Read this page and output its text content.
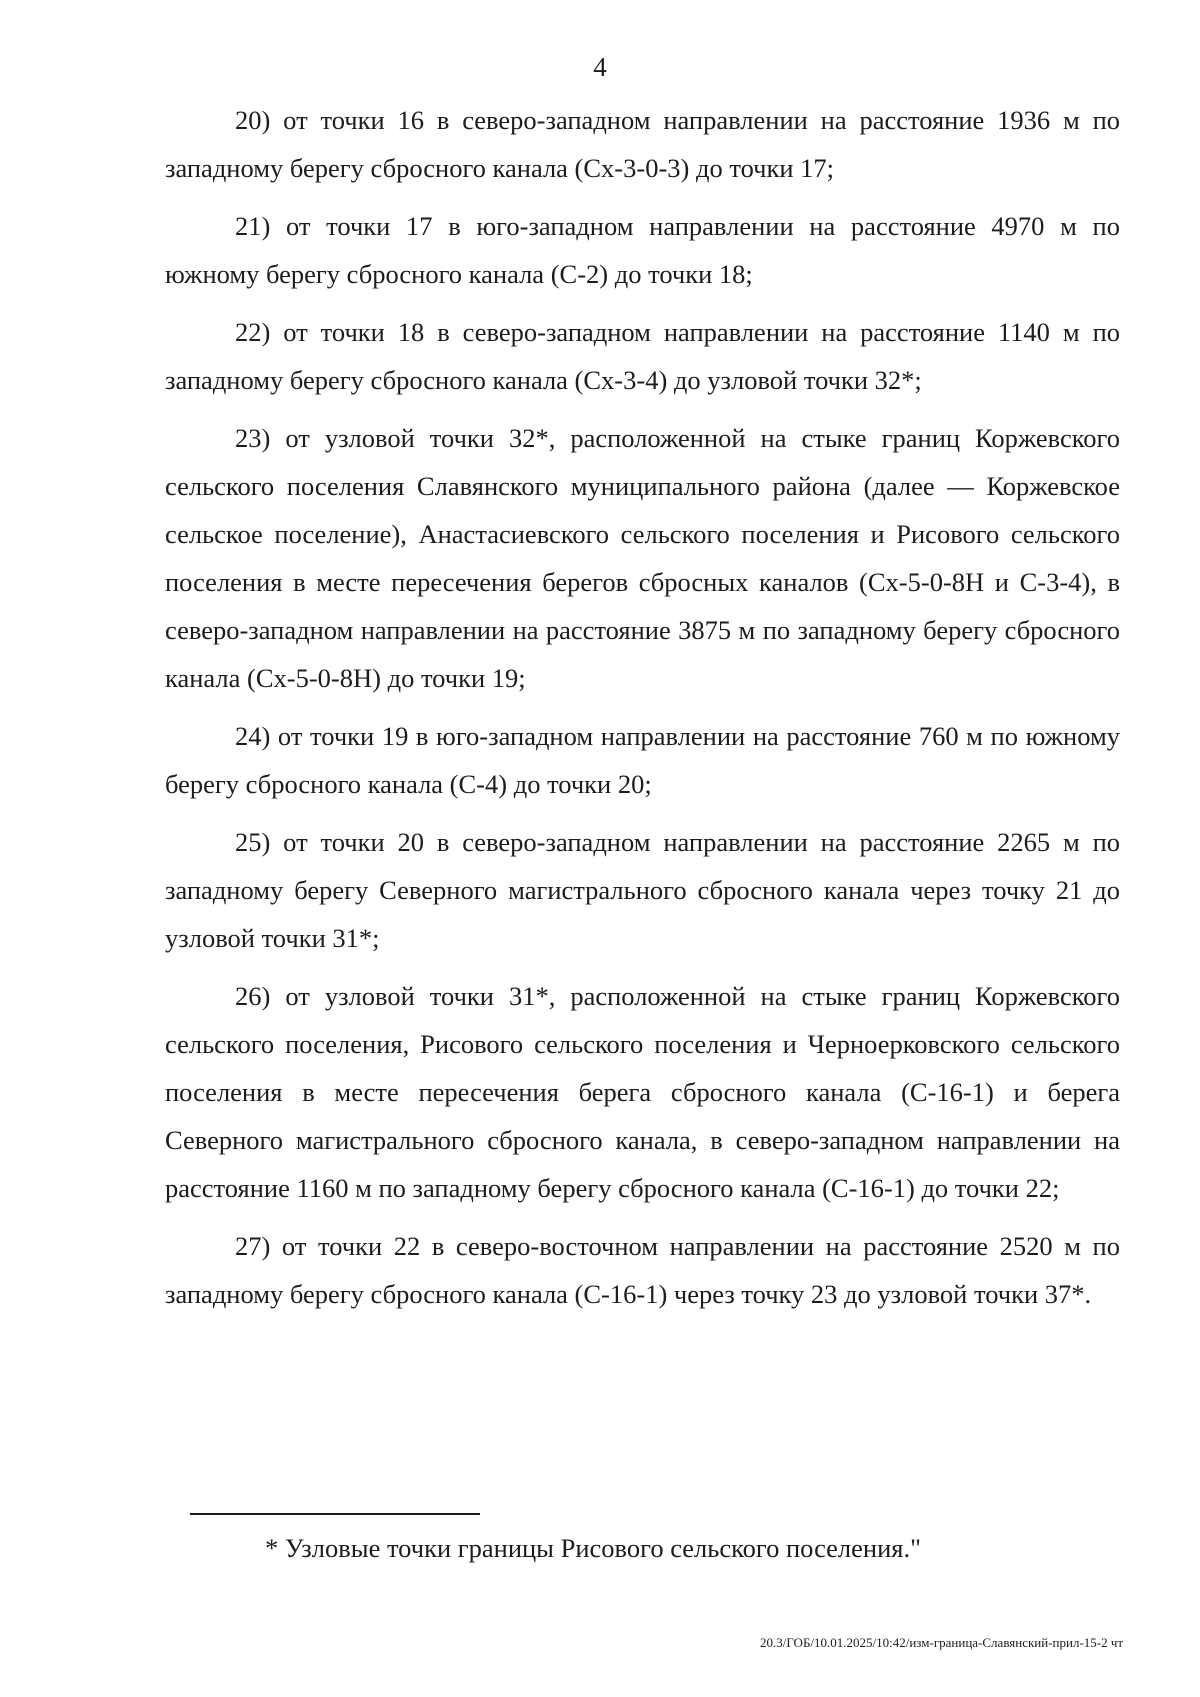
4

20) от точки 16 в северо-западном направлении на расстояние 1936 м по западному берегу сбросного канала (Сх-3-0-3) до точки 17;

21) от точки 17 в юго-западном направлении на расстояние 4970 м по южному берегу сбросного канала (С-2) до точки 18;

22) от точки 18 в северо-западном направлении на расстояние 1140 м по западному берегу сбросного канала (Сх-3-4) до узловой точки 32*;

23) от узловой точки 32*, расположенной на стыке границ Коржевского сельского поселения Славянского муниципального района (далее — Коржевское сельское поселение), Анастасиевского сельского поселения и Рисового сельского поселения в месте пересечения берегов сбросных каналов (Сх-5-0-8Н и С-3-4), в северо-западном направлении на расстояние 3875 м по западному берегу сбросного канала (Сх-5-0-8Н) до точки 19;

24) от точки 19 в юго-западном направлении на расстояние 760 м по южному берегу сбросного канала (С-4) до точки 20;

25) от точки 20 в северо-западном направлении на расстояние 2265 м по западному берегу Северного магистрального сбросного канала через точку 21 до узловой точки 31*;

26) от узловой точки 31*, расположенной на стыке границ Коржевского сельского поселения, Рисового сельского поселения и Черноерковского сельского поселения в месте пересечения берега сбросного канала (С-16-1) и берега Северного магистрального сбросного канала, в северо-западном направлении на расстояние 1160 м по западному берегу сбросного канала (С-16-1) до точки 22;

27) от точки 22 в северо-восточном направлении на расстояние 2520 м по западному берегу сбросного канала (С-16-1) через точку 23 до узловой точки 37*.

* Узловые точки границы Рисового сельского поселения."
20.3/ГОБ/10.01.2025/10:42/изм-граница-Славянский-прил-15-2 чт
